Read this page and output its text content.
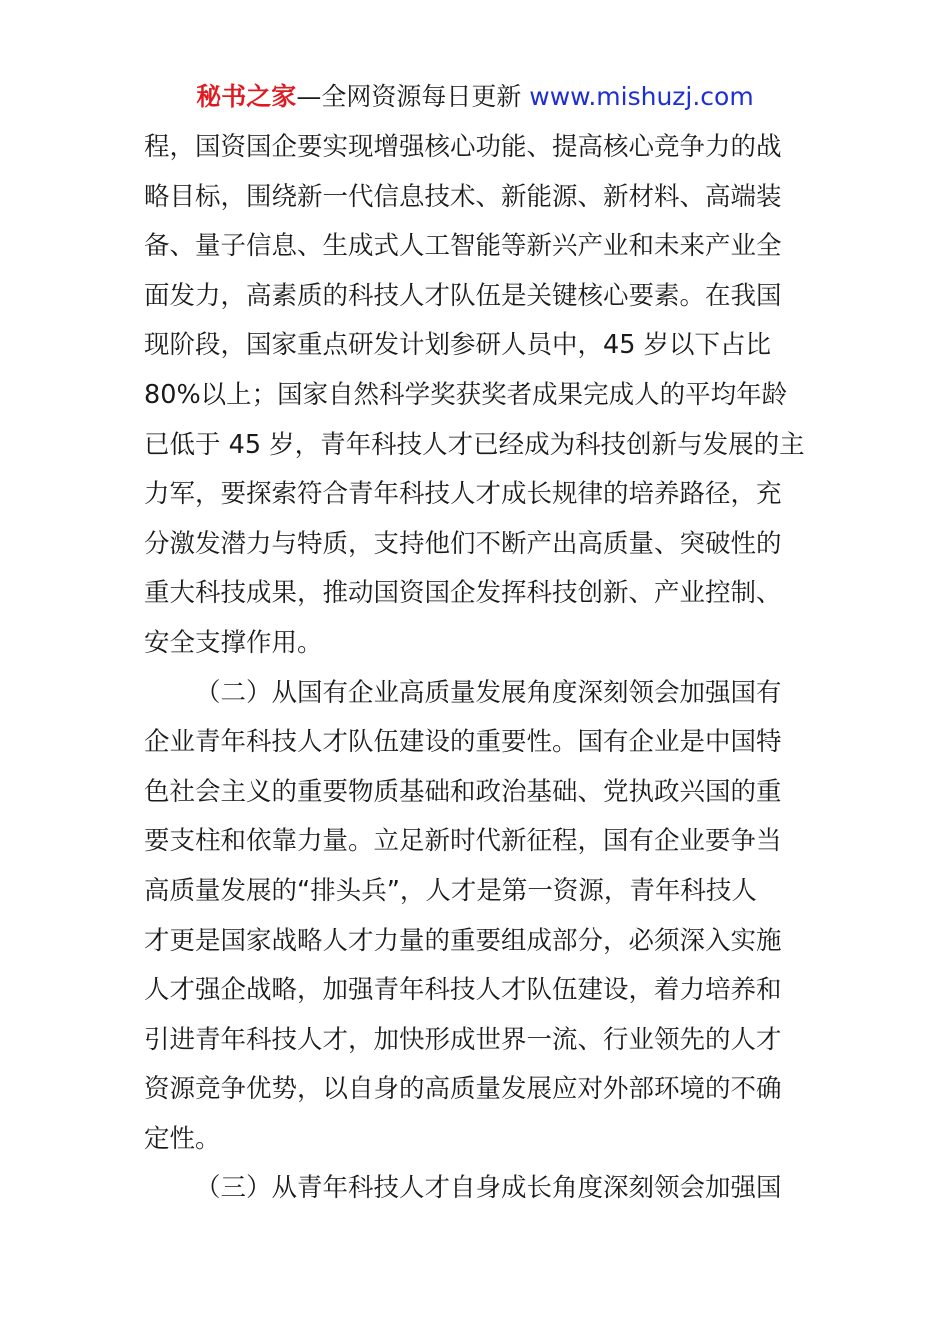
秘书之家—全网资源每日更新 www.mishuzj.com
程，国资国企要实现增强核心功能、提高核心竞争力的战
略目标，围绕新一代信息技术、新能源、新材料、高端装
备、量子信息、生成式人工智能等新兴产业和未来产业全
面发力，高素质的科技人才队伍是关键核心要素。在我国
现阶段，国家重点研发计划参研人员中，45 岁以下占比
80%以上；国家自然科学奖获奖者成果完成人的平均年龄
已低于 45 岁，青年科技人才已经成为科技创新与发展的主
力军，要探索符合青年科技人才成长规律的培养路径，充
分激发潜力与特质，支持他们不断产出高质量、突破性的
重大科技成果，推动国资国企发挥科技创新、产业控制、
安全支撑作用。
（二）从国有企业高质量发展角度深刻领会加强国有
企业青年科技人才队伍建设的重要性。国有企业是中国特
色社会主义的重要物质基础和政治基础、党执政兴国的重
要支柱和依靠力量。立足新时代新征程，国有企业要争当
高质量发展的“排头兵”，人才是第一资源，青年科技人
才更是国家战略人才力量的重要组成部分，必须深入实施
人才强企战略，加强青年科技人才队伍建设，着力培养和
引进青年科技人才，加快形成世界一流、行业领先的人才
资源竞争优势，以自身的高质量发展应对外部环境的不确
定性。
（三）从青年科技人才自身成长角度深刻领会加强国
